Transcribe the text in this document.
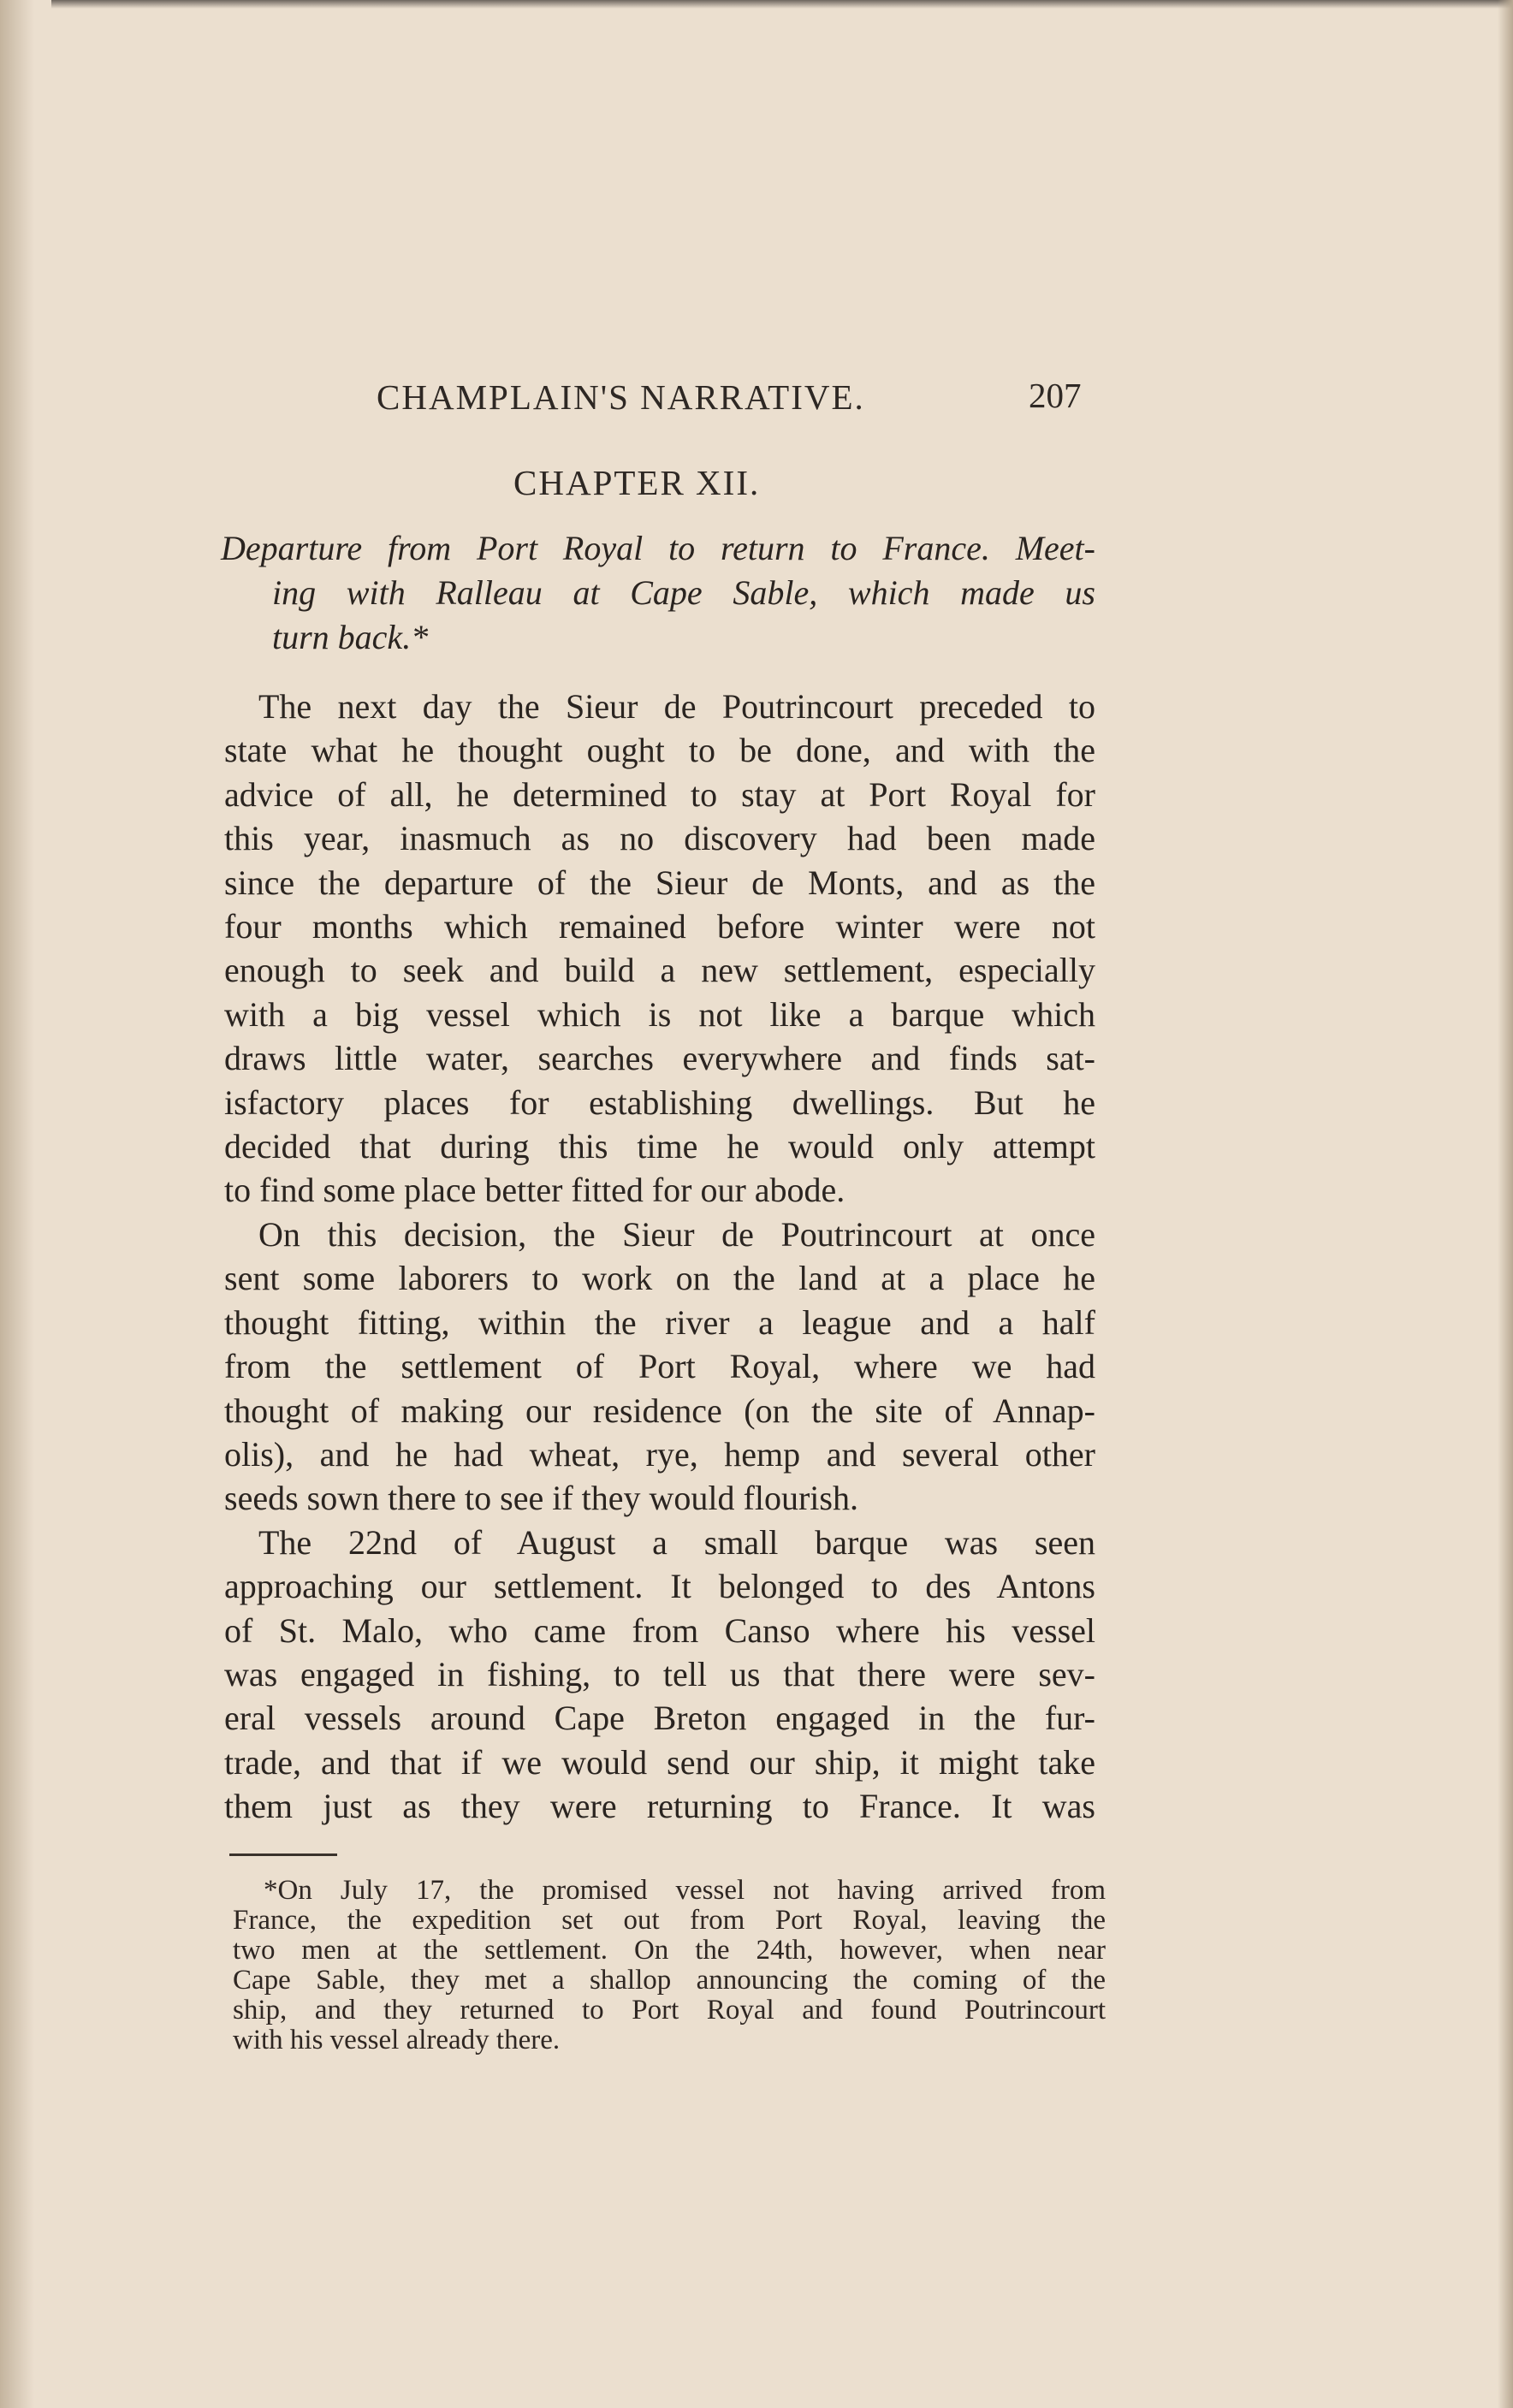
CHAMPLAIN'S NARRATIVE.	207
CHAPTER XII.
Departure from Port Royal to return to France. Meet-
ing with Ralleau at Cape Sable, which made us
turn back.*
The next day the Sieur de Poutrincourt preceded to
state what he thought ought to be done, and with the
advice of all, he determined to stay at Port Royal for
this year, inasmuch as no discovery had been made
since the departure of the Sieur de Monts, and as the
four months which remained before winter were not
enough to seek and build a new settlement, especially
with a big vessel which is not like a barque which
draws little water, searches everywhere and finds sat-
isfactory places for establishing dwellings. But he
decided that during this time he would only attempt
to find some place better fitted for our abode.
On this decision, the Sieur de Poutrincourt at once
sent some laborers to work on the land at a place he
thought fitting, within the river a league and a half
from the settlement of Port Royal, where we had
thought of making our residence (on the site of Annap-
olis), and he had wheat, rye, hemp and several other
seeds sown there to see if they would flourish.
The 22nd of August a small barque was seen
approaching our settlement. It belonged to des Antons
of St. Malo, who came from Canso where his vessel
was engaged in fishing, to tell us that there were sev-
eral vessels around Cape Breton engaged in the fur-
trade, and that if we would send our ship, it might take
them just as they were returning to France. It was
*On July 17, the promised vessel not having arrived from
France, the expedition set out from Port Royal, leaving the
two men at the settlement. On the 24th, however, when near
Cape Sable, they met a shallop announcing the coming of the
ship, and they returned to Port Royal and found Poutrincourt
with his vessel already there.
